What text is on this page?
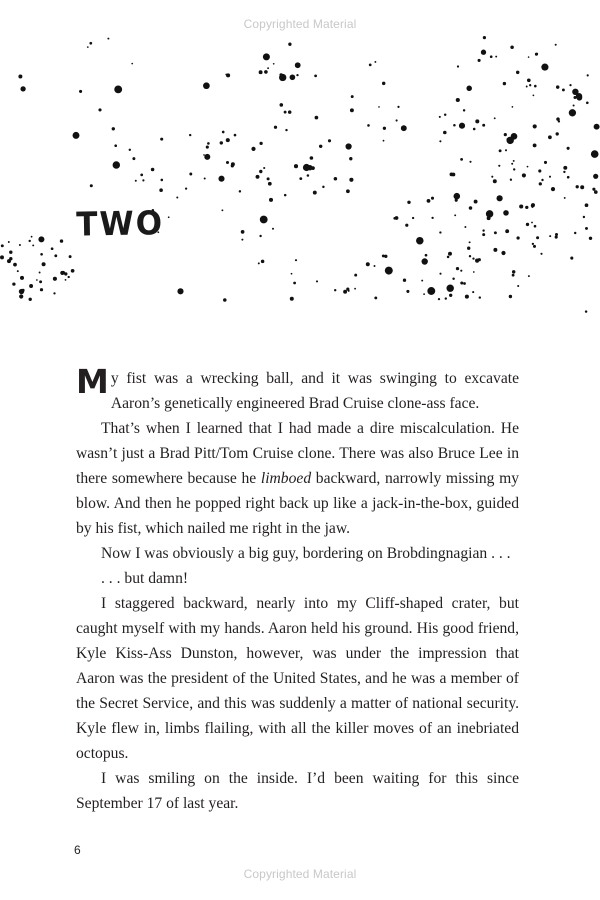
Copyrighted Material
TWO

My fist was a wrecking ball, and it was swinging to excavate Aaron’s genetically engineered Brad Cruise clone-ass face.

That’s when I learned that I had made a dire miscalculation. He wasn’t just a Brad Pitt/Tom Cruise clone. There was also Bruce Lee in there somewhere because he limboed backward, narrowly missing my blow. And then he popped right back up like a jack-in-the-box, guided by his fist, which nailed me right in the jaw.

Now I was obviously a big guy, bordering on Brobdingnagian . . .

. . . but damn!

I staggered backward, nearly into my Cliff-shaped crater, but caught myself with my hands. Aaron held his ground. His good friend, Kyle Kiss-Ass Dunston, however, was under the impression that Aaron was the president of the United States, and he was a member of the Secret Service, and this was suddenly a matter of national security. Kyle flew in, limbs flailing, with all the killer moves of an inebriated octopus.

I was smiling on the inside. I’d been waiting for this since September 17 of last year.

6
Copyrighted Material
